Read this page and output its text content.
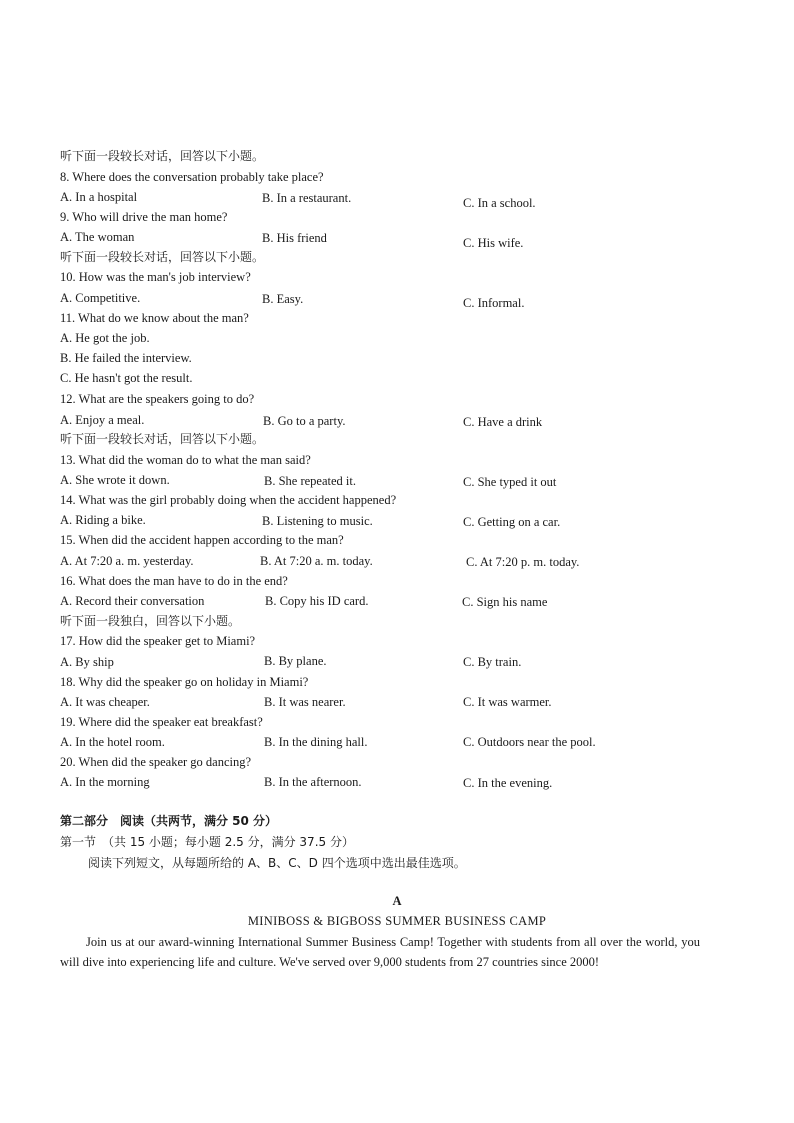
听下面一段较长对话，回答以下小题。
8. Where does the conversation probably take place?
A. In a hospital	B. In a restaurant.	C. In a school.
9. Who will drive the man home?
A. The woman	B. His friend	C. His wife.
听下面一段较长对话，回答以下小题。
10. How was the man's job interview?
A. Competitive.	B. Easy.	C. Informal.
11. What do we know about the man?
A. He got the job.
B. He failed the interview.
C. He hasn't got the result.
12. What are the speakers going to do?
A. Enjoy a meal.	B. Go to a party.	C. Have a drink
听下面一段较长对话，回答以下小题。
13. What did the woman do to what the man said?
A. She wrote it down.	B. She repeated it.	C. She typed it out
14. What was the girl probably doing when the accident happened?
A. Riding a bike.	B. Listening to music.	C. Getting on a car.
15. When did the accident happen according to the man?
A. At 7:20 a. m. yesterday.	B. At 7:20 a. m. today.	C. At 7:20 p. m. today.
16. What does the man have to do in the end?
A. Record their conversation	B. Copy his ID card.	C. Sign his name
听下面一段独白，回答以下小题。
17. How did the speaker get to Miami?
A. By ship	B. By plane.	C. By train.
18. Why did the speaker go on holiday in Miami?
A. It was cheaper.	B. It was nearer.	C. It was warmer.
19. Where did the speaker eat breakfast?
A. In the hotel room.	B. In the dining hall.	C. Outdoors near the pool.
20. When did the speaker go dancing?
A. In the morning	B. In the afternoon.	C. In the evening.
第二部分　阅读（共两节，满分 50 分）
第一节　（共 15 小题；每小题 2.5 分，满分 37.5 分）
阅读下列短文，从每题所给的 A、B、C、D 四个选项中选出最佳选项。
A
MINIBOSS & BIGBOSS SUMMER BUSINESS CAMP
Join us at our award-winning International Summer Business Camp! Together with students from all over the world, you will dive into experiencing life and culture. We've served over 9,000 students from 27 countries since 2000!
